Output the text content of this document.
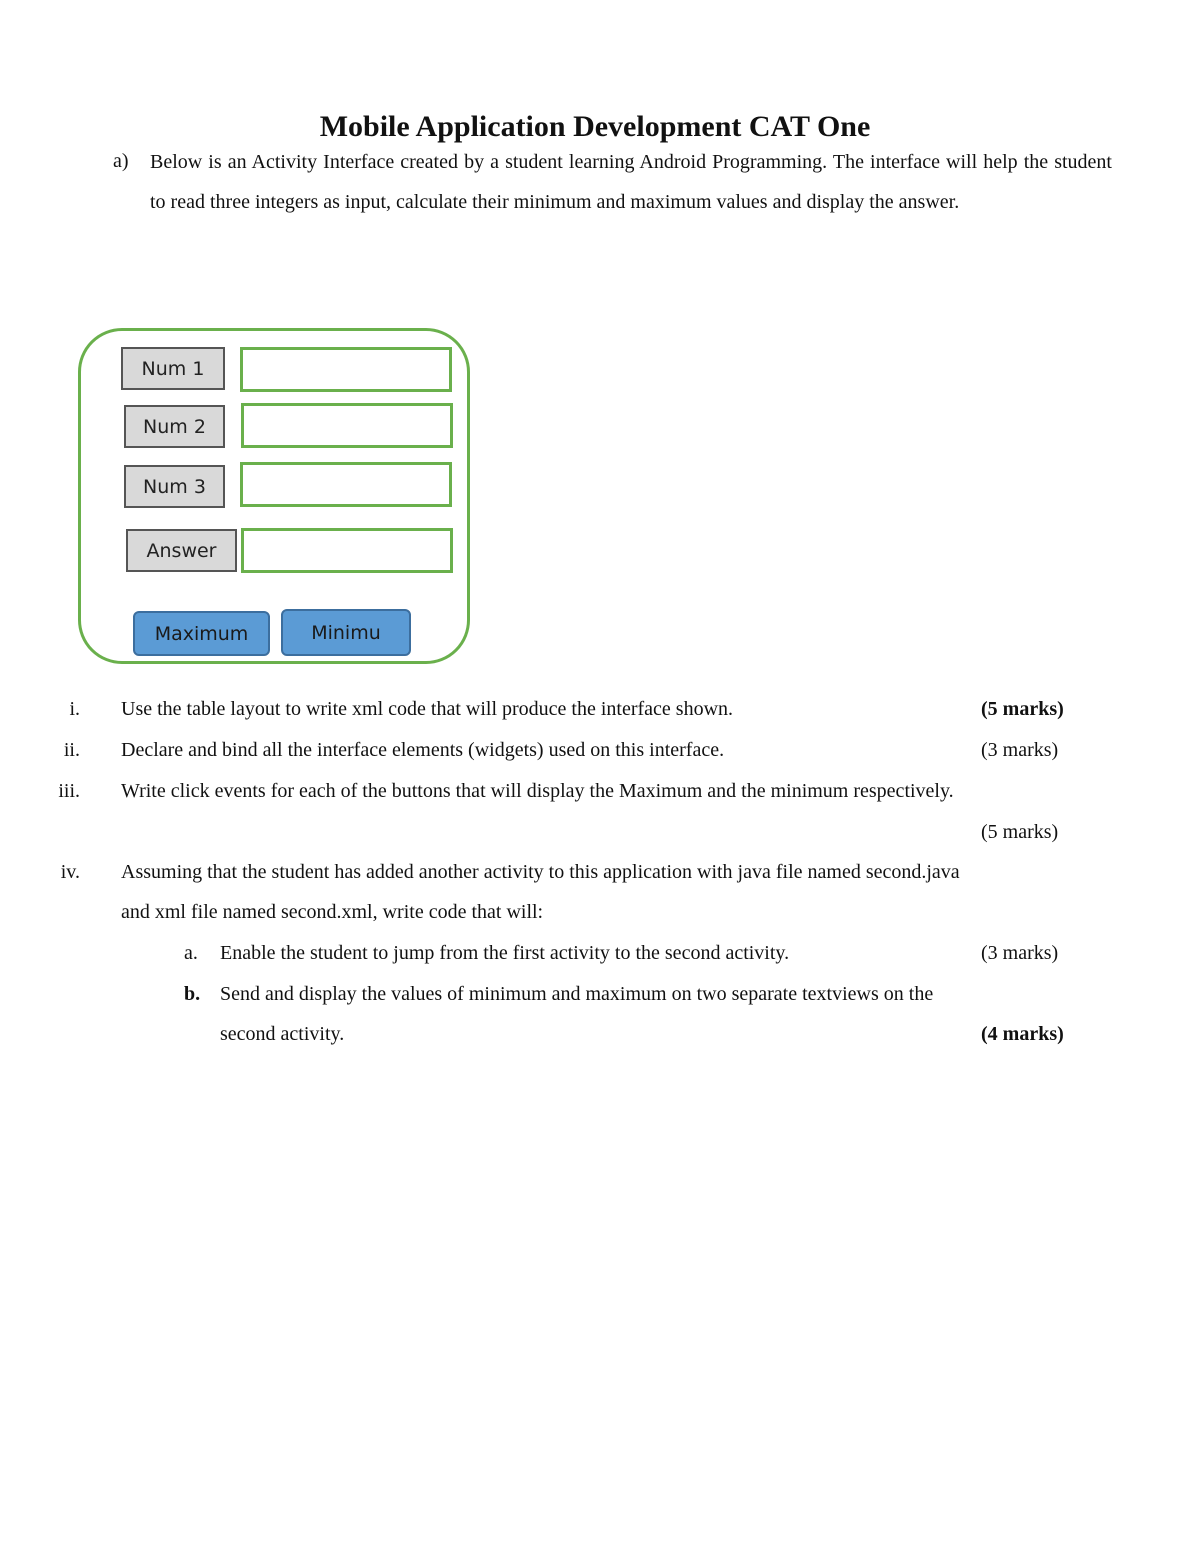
Mobile Application Development CAT One
a) Below is an Activity Interface created by a student learning Android Programming. The interface will help the student to read three integers as input, calculate their minimum and maximum values and display the answer.
Num 1
Num 2
Num 3
Answer
Maximum	Minimu
i. Use the table layout to write xml code that will produce the interface shown.	(5 marks)
ii. Declare and bind all the interface elements (widgets) used on this interface.	(3 marks)
iii. Write click events for each of the buttons that will display the Maximum and the minimum respectively.
(5 marks)
iv. Assuming that the student has added another activity to this application with java file named second.java
and xml file named second.xml, write code that will:
a. Enable the student to jump from the first activity to the second activity.	(3 marks)
b. Send and display the values of minimum and maximum on two separate textviews on the
second activity.	(4 marks)
